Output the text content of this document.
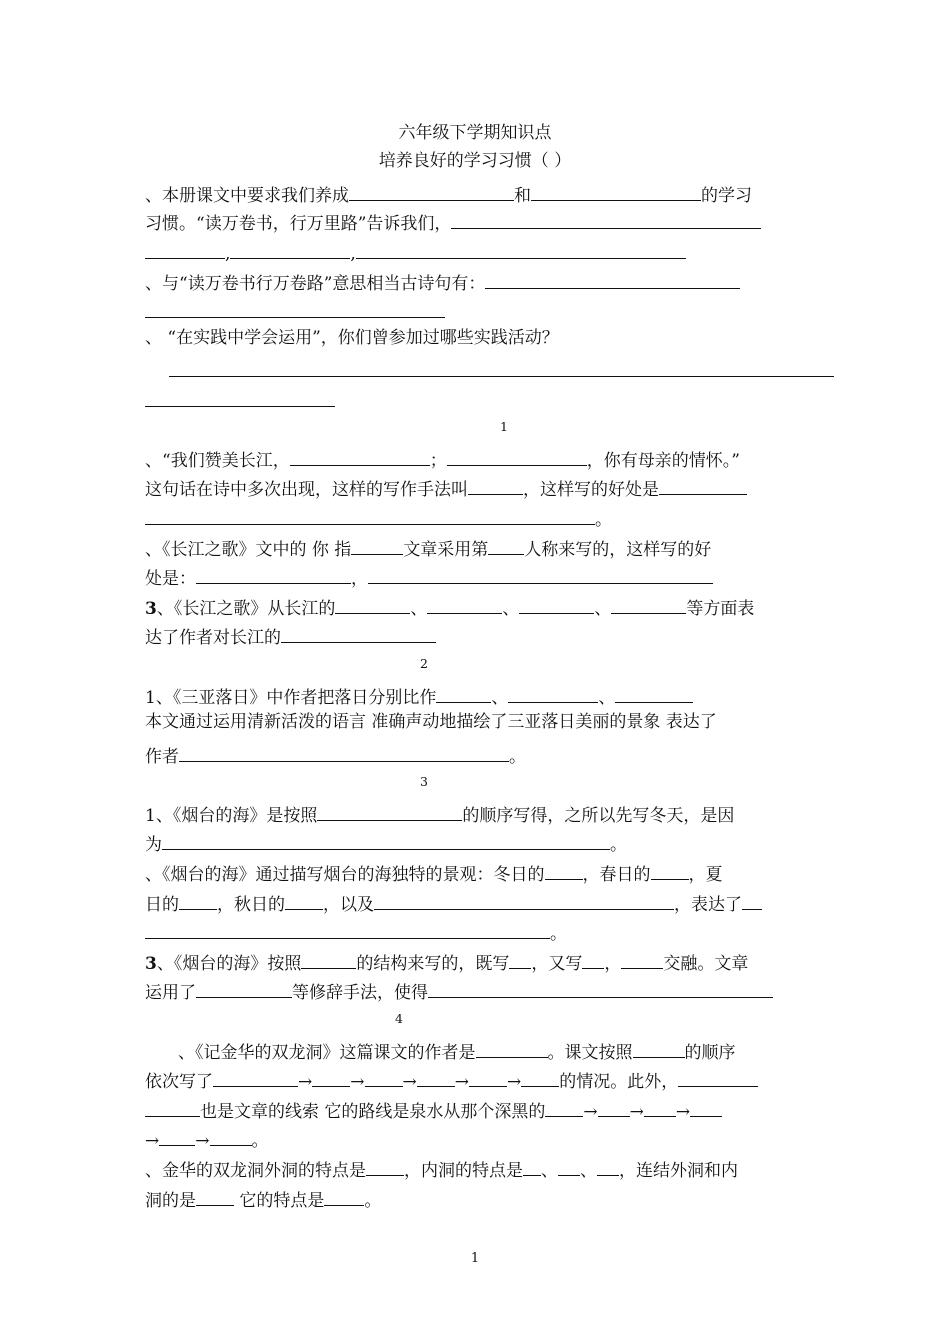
六年级下学期知识点
培养良好的学习习惯（ ）
、本册课文中要求我们养成	和	的学习
习惯。“读万卷书，行万里路”告诉我们，
,	,
、与“读万卷书行万卷路”意思相当古诗句有：
、 “在实践中学会运用”，你们曾参加过哪些实践活动？
1
、“我们赞美长江，	；	，你有母亲的情怀。”
这句话在诗中多次出现，这样的写作手法叫	，这样写的好处是
。
、《长江之歌》文中的 你 指	文章采用第 人称来写的，这样写的好
处是：	，
3、《长江之歌》从长江的	、	、	、	等方面表
达了作者对长江的
2
1、《三亚落日》中作者把落日分别比作	、	、
本文通过运用清新活泼的语言 准确声动地描绘了三亚落日美丽的景象 表达了
作者	。
3
1、《烟台的海》是按照	的顺序写得，之所以先写冬天，是因
为	。
、《烟台的海》通过描写烟台的海独特的景观：冬日的 ，春日的 ，夏
日的 ，秋日的 ，以及	，表达了
。
3、《烟台的海》按照	的结构来写的，既写 ，又写 ， 交融。文章
运用了	等修辞手法，使得
4
、《记金华的双龙洞》这篇课文的作者是	。课文按照	的顺序
依次写了	→ → → → → 的情况。此外，
也是文章的线索 它的路线是泉水从那个深黑的 → → →
→ → 。
、金华的双龙洞外洞的特点是 ，内洞的特点是 、 、 ，连结外洞和内
洞的是 它的特点是 。
1
